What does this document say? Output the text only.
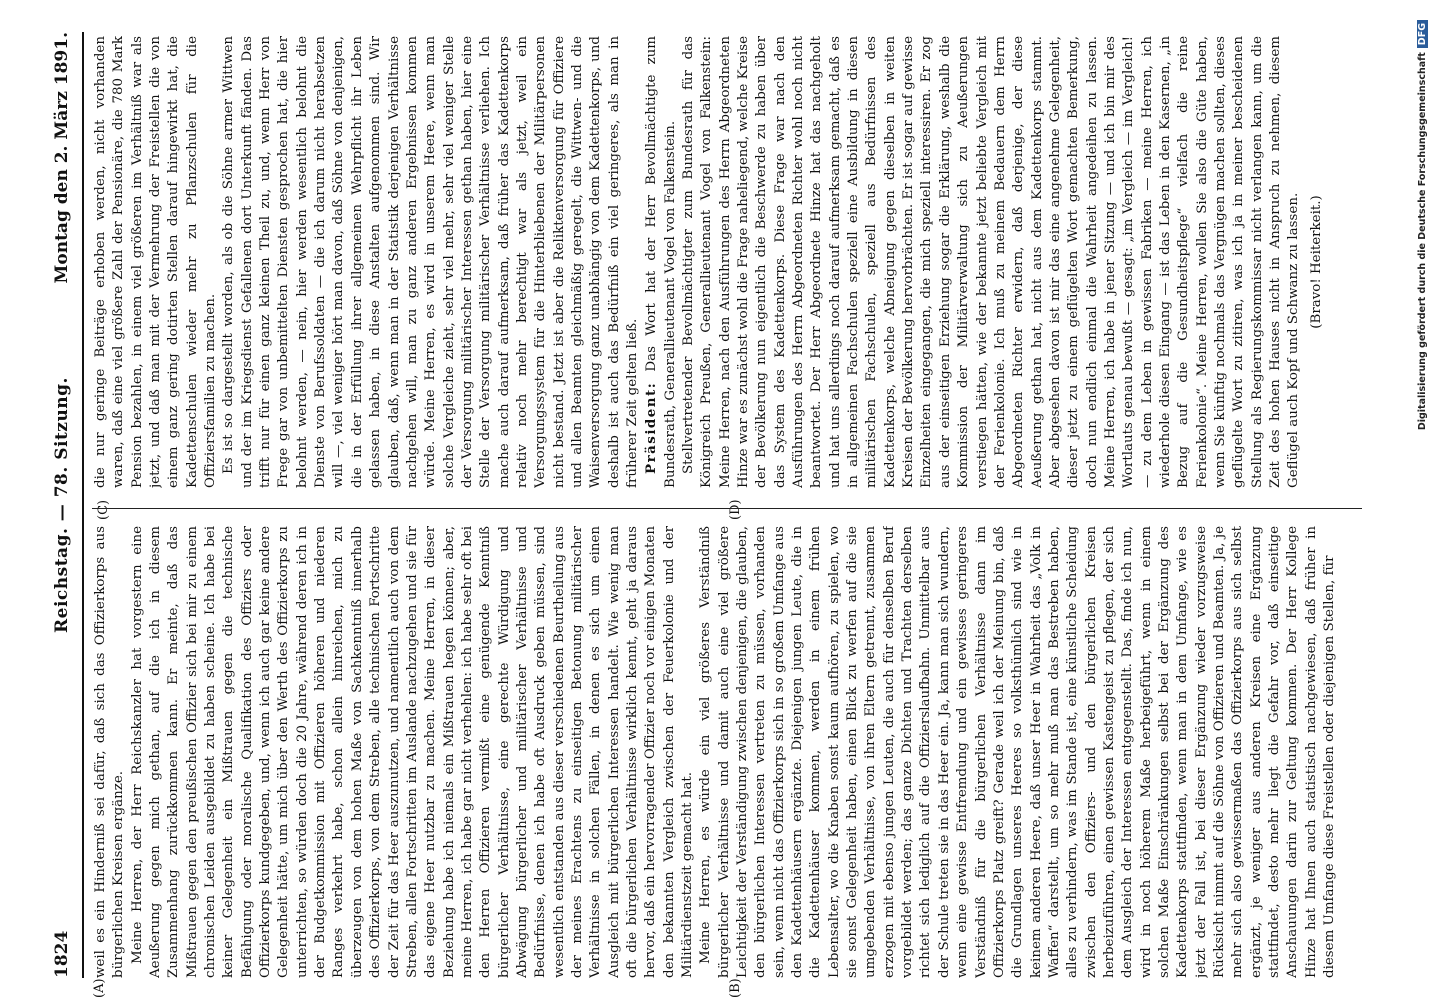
1824
Reichstag. — 78. Sitzung.
Montag den 2. März 1891.
(A)	(B)
(C)	(D)

weil es ein Hinderniß sei dafür, daß sich das Offizierkorps aus bürgerlichen Kreisen ergänze. Meine Herren, der Herr Reichskanzler hat vorgestern eine Aeußerung gegen mich gethan, auf die ich in diesem Zusammenhang zurückkommen kann. Er meinte, daß das Mißtrauen gegen den preußischen Offizier sich bei mir zu einem chronischen Leiden ausgebildet zu haben scheine. Ich habe bei keiner Gelegenheit ein Mißtrauen gegen die technische Befähigung oder moralische Qualifikation des Offiziers oder Offizierkorps kundgegeben, und, wenn ich auch gar keine andere Gelegenheit hätte, um mich über den Werth des Offizierkorps zu unterrichten, so würden doch die 20 Jahre, während deren ich in der Budgetkommission mit Offizieren höheren und niederen Ranges verkehrt habe, schon allein hinreichen, mich zu überzeugen von dem hohen Maße von Sachkenntniß innerhalb des Offizierkorps, von dem Streben, alle technischen Fortschritte der Zeit für das Heer auszunutzen, und namentlich auch von dem Streben, allen Fortschritten im Auslande nachzugehen und sie für das eigene Heer nutzbar zu machen. Meine Herren, in dieser Beziehung habe ich niemals ein Mißtrauen hegen können; aber, meine Herren, ich habe gar nicht verhehlen: ich habe sehr oft bei den Herren Offizieren vermißt eine genügende Kenntniß bürgerlicher Verhältnisse, eine gerechte Würdigung und Abwägung bürgerlicher und militärischer Verhältnisse und Bedürfnisse, denen ich habe oft Ausdruck geben müssen, sind wesentlich entstanden aus dieser verschiedenen Beurtheilung aus der meines Erachtens zu einseitigen Betonung militärischer Verhältnisse in solchen Fällen, in denen es sich um einen Ausgleich mit bürgerlichen Interessen handelt. Wie wenig man oft die bürgerlichen Verhältnisse wirklich kennt, geht ja daraus hervor, daß ein hervorragender Offizier noch vor einigen Monaten den bekannten Vergleich zwischen der Feuerkolonie und der Militärdienstzeit gemacht hat. Meine Herren, es würde ein viel größeres Verständniß bürgerlicher Verhältnisse und damit auch eine viel größere Leichtigkeit der Verständigung zwischen denjenigen, die glauben, den bürgerlichen Interessen vertreten zu müssen, vorhanden sein, wenn nicht das Offizierkorps sich in so großem Umfange aus den Kadettenhäusern ergänzte. Diejenigen jungen Leute, die in die Kadettenhäuser kommen, werden in einem frühen Lebensalter, wo die Knaben sonst kaum aufhören, zu spielen, wo sie sonst Gelegenheit haben, einen Blick zu werfen auf die sie umgebenden Verhältnisse, von ihren Eltern getrennt, zusammen erzogen mit ebenso jungen Leuten, die auch für denselben Beruf vorgebildet werden; das ganze Dichten und Trachten derselben richtet sich lediglich auf die Offizierslaufbahn. Unmittelbar aus der Schule treten sie in das Heer ein. Ja, kann man sich wundern, wenn eine gewisse Entfremdung und ein gewisses geringeres Verständniß für die bürgerlichen Verhältnisse dann im Offizierkorps Platz greift? Gerade weil ich der Meinung bin, daß die Grundlagen unseres Heeres so volksthümlich sind wie in keinem anderen Heere, daß unser Heer in Wahrheit das „Volk in Waffen“ darstellt, um so mehr muß man das Bestreben haben, alles zu verhindern, was im Stande ist, eine künstliche Scheidung zwischen den Offiziers- und den bürgerlichen Kreisen herbeizuführen, einen gewissen Kastengeist zu pflegen, der sich dem Ausgleich der Interessen entgegenstellt. Das, finde ich nun, wird in noch höherem Maße herbeigeführt, wenn in einem solchen Maße Einschränkungen selbst bei der Ergänzung des Kadettenkorps stattfinden, wenn man in dem Umfange, wie es jetzt der Fall ist, bei dieser Ergänzung wieder vorzugsweise Rücksicht nimmt auf die Söhne von Offizieren und Beamten. Ja, je mehr sich also gewissermaßen das Offizierkorps aus sich selbst ergänzt, je weniger aus anderen Kreisen eine Ergänzung stattfindet, desto mehr liegt die Gefahr vor, daß einseitige Anschauungen darin zur Geltung kommen. Der Herr Kollege Hinze hat Ihnen auch statistisch nachgewiesen, daß früher in diesem Umfange diese Freistellen oder diejenigen Stellen, für

die nur geringe Beiträge erhoben werden, nicht vorhanden waren, daß eine viel größere Zahl der Pensionäre, die 780 Mark Pension bezahlen, in einem viel größeren im Verhältniß war als jetzt, und daß man mit der Vermehrung der Freistellen die von einem ganz gering dotirten Stellen darauf hingewirkt hat, die Kadettenschulen wieder mehr zu Pflanzschulen für die Offiziersfamilien zu machen. Es ist so dargestellt worden, als ob die Söhne armer Wittwen und der im Kriegsdienst Gefallenen dort Unterkunft fänden. Das trifft nur für einen ganz kleinen Theil zu, und, wenn Herr von Frege gar von unbemittelten Diensten gesprochen hat, die hier belohnt werden, — nein, hier werden wesentlich belohnt die Dienste von Berufssoldaten — die ich darum nicht herabsetzen will —, viel weniger hört man davon, daß Söhne von denjenigen, die in der Erfüllung ihrer allgemeinen Wehrpflicht ihr Leben gelassen haben, in diese Anstalten aufgenommen sind. Wir glauben, daß, wenn man in der Statistik derjenigen Verhältnisse nachgehen will, man zu ganz anderen Ergebnissen kommen würde. Meine Herren, es wird in unserem Heere, wenn man solche Vergleiche zieht, sehr viel mehr, sehr viel weniger Stelle der Versorgung militärischer Interessen gethan haben, hier eine Stelle der Versorgung militärischer Verhältnisse verliehen. Ich mache auch darauf aufmerksam, daß früher das Kadettenkorps relativ noch mehr berechtigt war als jetzt, weil ein Versorgungssystem für die Hinterbliebenen der Militärpersonen nicht bestand. Jetzt ist aber die Reliktenversorgung für Offiziere und allen Beamten gleichmäßig geregelt, die Wittwen- und die Waisenversorgung ganz unabhängig von dem Kadettenkorps, und deshalb ist auch das Bedürfniß ein viel geringeres, als man in früherer Zeit gelten ließ. Präsident: Das Wort hat der Herr Bevollmächtigte zum Bundesrath, Generallieutenant Vogel von Falkenstein. Stellvertretender Bevollmächtigter zum Bundesrath für das Königreich Preußen, Generallieutenant Vogel von Falkenstein: Meine Herren, nach den Ausführungen des Herrn Abgeordneten Hinze war es zunächst wohl die Frage naheliegend, welche Kreise der Bevölkerung nun eigentlich die Beschwerde zu haben über das System des Kadettenkorps. Diese Frage war nach den Ausführungen des Herrn Abgeordneten Richter wohl noch nicht beantwortet. Der Herr Abgeordnete Hinze hat das nachgeholt und hat uns allerdings noch darauf aufmerksam gemacht, daß es in allgemeinen Fachschulen speziell eine Ausbildung in diesen militärischen Fachschulen, speziell aus Bedürfnissen des Kadettenkorps, welche Abneigung gegen dieselben in weiten Kreisen der Bevölkerung hervorbrächten. Er ist sogar auf gewisse Einzelheiten eingegangen, die mich speziell interessiren. Er zog aus der einseitigen Erziehung sogar die Erklärung, weshalb die Kommission der Militärverwaltung sich zu Aeußerungen verstiegen hätten, wie der bekannte jetzt beliebte Vergleich mit der Ferienkolonie. Ich muß zu meinem Bedauern dem Herrn Abgeordneten Richter erwidern, daß derjenige, der diese Aeußerung gethan hat, nicht aus dem Kadettenkorps stammt. Aber abgesehen davon ist mir das eine angenehme Gelegenheit, dieser jetzt zu einem geflügelten Wort gemachten Bemerkung, doch nun endlich einmal die Wahrheit angedeihen zu lassen. Meine Herren, ich habe in jener Sitzung — und ich bin mir des Wortlauts genau bewußt — gesagt: „im Vergleich — im Vergleich! — zu dem Leben in gewissen Fabriken — meine Herren, ich wiederhole diesen Eingang — ist das Leben in den Kasernen, „in Bezug auf die Gesundheitspflege“ vielfach die reine Ferienkolonie“. Meine Herren, wollen Sie also die Güte haben, wenn Sie künftig nochmals das Vergnügen machen sollten, dieses geflügelte Wort zu zitiren, was ich ja in meiner bescheidenen Stellung als Regierungskommissar nicht verlangen kann, um die Zeit des hohen Hauses nicht in Anspruch zu nehmen, diesem Geflügel auch Kopf und Schwanz zu lassen. (Bravo! Heiterkeit.)	Digitalisierung gefördert durch die Deutsche ForschungsgemeinschaftDFG
